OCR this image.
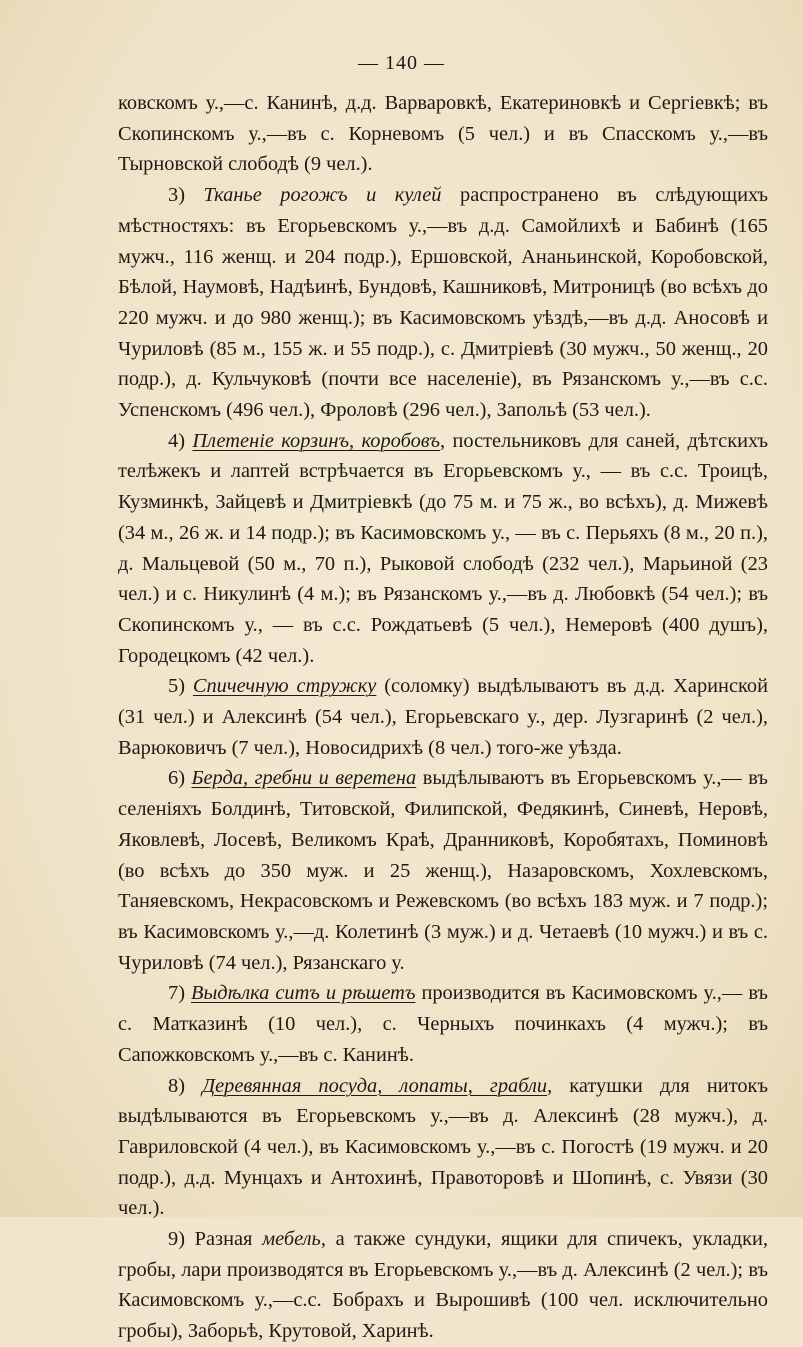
— 140 —

ковскомъ у.,—с. Канинѣ, д.д. Варваровкѣ, Екатериновкѣ и Сергіевкѣ; въ Скопинскомъ у.,—въ с. Корневомъ (5 чел.) и въ Спасскомъ у.,—въ Тырновской слободѣ (9 чел.).

3) Тканье рогожъ и кулей распространено въ слѣдующихъ мѣстностяхъ: въ Егорьевскомъ у.,—въ д.д. Самойлихѣ и Бабинѣ (165 мужч., 116 женщ. и 204 подр.), Ершовской, Ананьинской, Коробовской, Бѣлой, Наумовѣ, Надѣинѣ, Бундовѣ, Кашниковѣ, Митроницѣ (во всѣхъ до 220 мужч. и до 980 женщ.); въ Касимовскомъ уѣздѣ,—въ д.д. Аносовѣ и Чуриловѣ (85 м., 155 ж. и 55 подр.), с. Дмитріевѣ (30 мужч., 50 женщ., 20 подр.), д. Кульчуковѣ (почти все населеніе), въ Рязанскомъ у.,—въ с.с. Успенскомъ (496 чел.), Фроловѣ (296 чел.), Запольѣ (53 чел.).

4) Плетеніе корзинъ, коробовъ, постельниковъ для саней, дѣтскихъ телѣжекъ и лаптей встрѣчается въ Егорьевскомъ у., — въ с.с. Троицѣ, Кузминкѣ, Зайцевѣ и Дмитріевкѣ (до 75 м. и 75 ж., во всѣхъ), д. Мижевѣ (34 м., 26 ж. и 14 подр.); въ Касимовскомъ у., — въ с. Перьяхъ (8 м., 20 п.), д. Мальцевой (50 м., 70 п.), Рыковой слободѣ (232 чел.), Марьиной (23 чел.) и с. Никулинѣ (4 м.); въ Рязанскомъ у.,—въ д. Любовкѣ (54 чел.); въ Скопинскомъ у., — въ с.с. Рождатьевѣ (5 чел.), Немеровѣ (400 душъ), Городецкомъ (42 чел.).

5) Спичечную стружку (соломку) выдѣлываютъ въ д.д. Харинской (31 чел.) и Алексинѣ (54 чел.), Егорьевскаго у., дер. Лузгаринѣ (2 чел.), Варюковичъ (7 чел.), Новосидрихѣ (8 чел.) того-же уѣзда.

6) Берда, гребни и веретена выдѣлываютъ въ Егорьевскомъ у.,— въ селеніяхъ Болдинѣ, Титовской, Филипской, Федякинѣ, Синевѣ, Неровѣ, Яковлевѣ, Лосевѣ, Великомъ Краѣ, Дранниковѣ, Коробятахъ, Поминовѣ (во всѣхъ до 350 муж. и 25 женщ.), Назаровскомъ, Хохлевскомъ, Таняевскомъ, Некрасовскомъ и Режевскомъ (во всѣхъ 183 муж. и 7 подр.); въ Касимовскомъ у.,—д. Колетинѣ (3 муж.) и д. Четаевѣ (10 мужч.) и въ с. Чуриловѣ (74 чел.), Рязанскаго у.

7) Выдѣлка ситъ и рѣшетъ производится въ Касимовскомъ у.,— въ с. Матказинѣ (10 чел.), с. Черныхъ починкахъ (4 мужч.); въ Сапожковскомъ у.,—въ с. Канинѣ.

8) Деревянная посуда, лопаты, грабли, катушки для нитокъ выдѣлываются въ Егорьевскомъ у.,—въ д. Алексинѣ (28 мужч.), д. Гавриловской (4 чел.), въ Касимовскомъ у.,—въ с. Погостѣ (19 мужч. и 20 подр.), д.д. Мунцахъ и Антохинѣ, Правоторовѣ и Шопинѣ, с. Увязи (30 чел.).

9) Разная мебель, а также сундуки, ящики для спичекъ, укладки, гробы, лари производятся въ Егорьевскомъ у.,—въ д. Алексинѣ (2 чел.); въ Касимовскомъ у.,—с.с. Бобрахъ и Вырошивѣ (100 чел. исключительно гробы), Заборьѣ, Крутовой, Харинѣ.
